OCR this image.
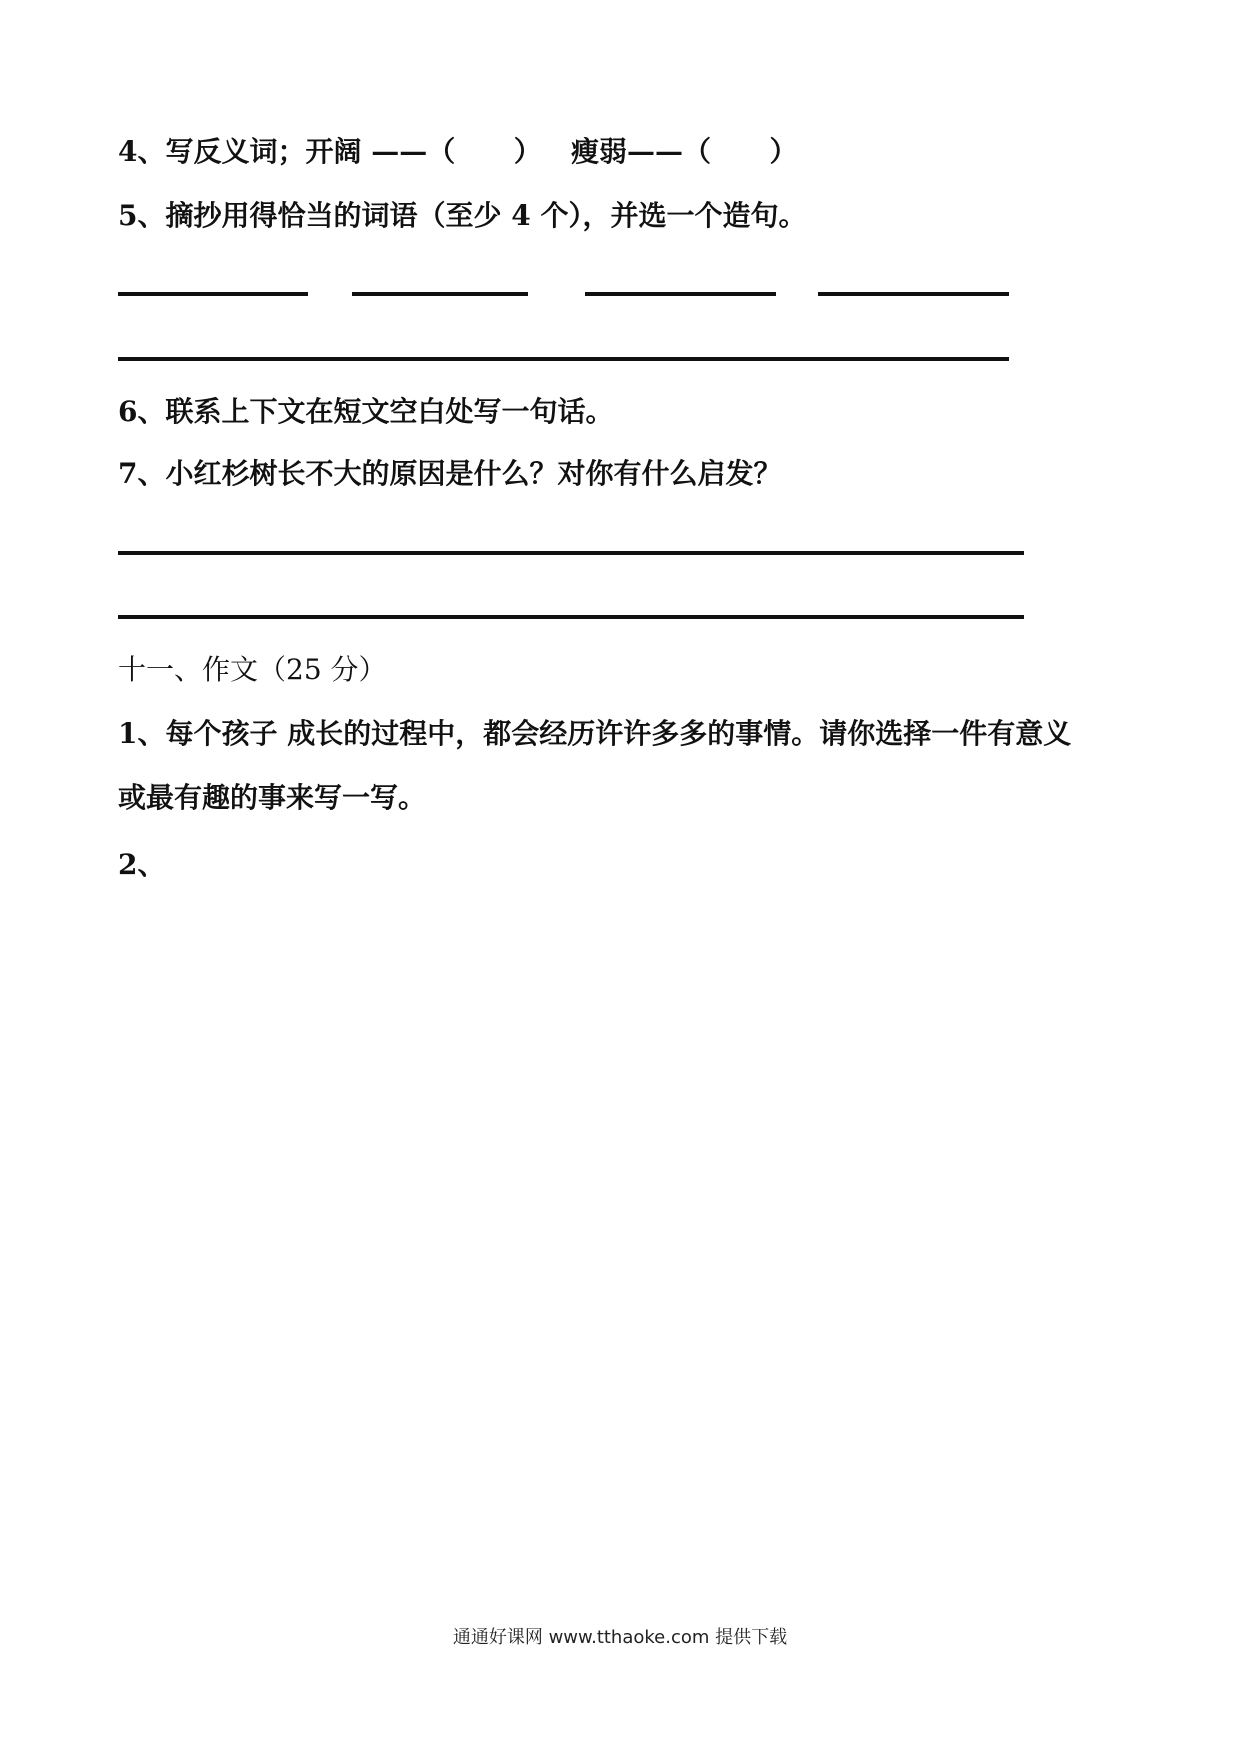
4、写反义词；开阔 ——（      ）   瘦弱——（      ）
5、摘抄用得恰当的词语（至少 4 个），并选一个造句。
6、联系上下文在短文空白处写一句话。
7、小红杉树长不大的原因是什么？对你有什么启发？
十一、作文（25 分）
1、每个孩子 成长的过程中，都会经历许许多多的事情。请你选择一件有意义
或最有趣的事来写一写。
2、
通通好课网 www.tthaoke.com 提供下载
